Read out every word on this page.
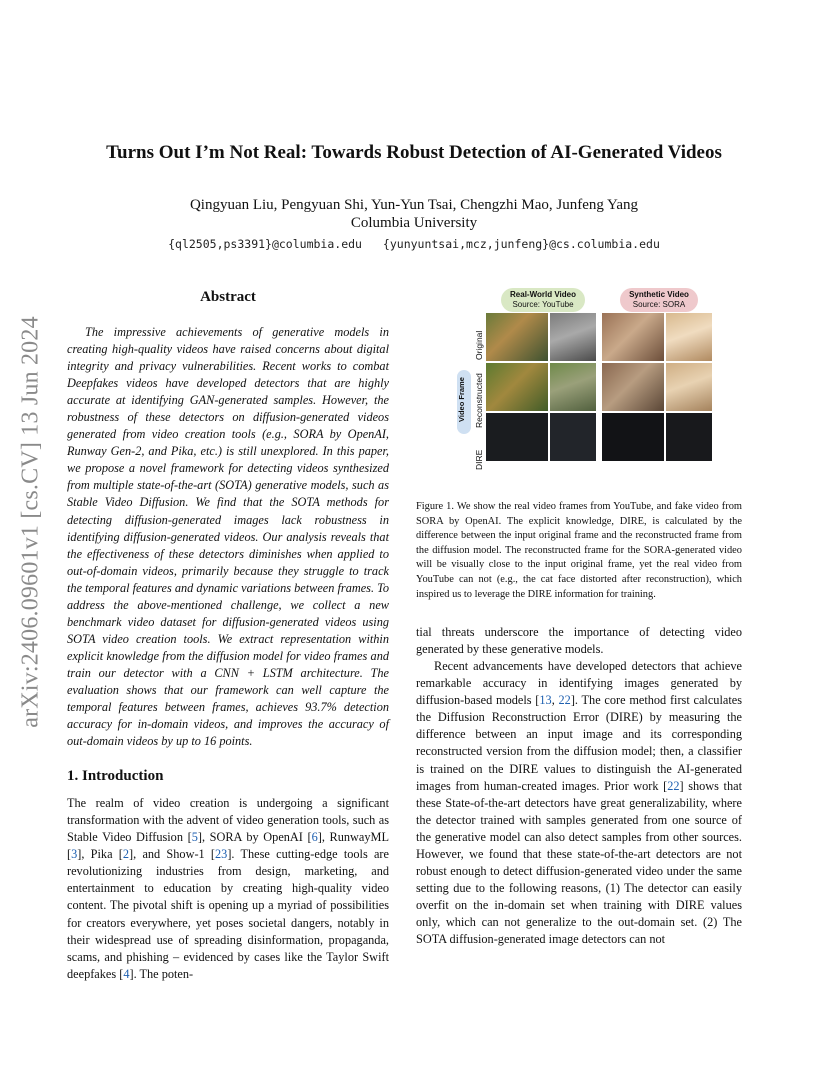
arXiv:2406.09601v1 [cs.CV] 13 Jun 2024
Turns Out I’m Not Real: Towards Robust Detection of AI-Generated Videos
Qingyuan Liu, Pengyuan Shi, Yun-Yun Tsai, Chengzhi Mao, Junfeng Yang
Columbia University
{ql2505,ps3391}@columbia.edu {yunyuntsai,mcz,junfeng}@cs.columbia.edu
Abstract

The impressive achievements of generative models in creating high-quality videos have raised concerns about digital integrity and privacy vulnerabilities. Recent works to combat Deepfakes videos have developed detectors that are highly accurate at identifying GAN-generated samples. However, the robustness of these detectors on diffusion-generated videos generated from video creation tools (e.g., SORA by OpenAI, Runway Gen-2, and Pika, etc.) is still unexplored. In this paper, we propose a novel framework for detecting videos synthesized from multiple state-of-the-art (SOTA) generative models, such as Stable Video Diffusion. We find that the SOTA methods for detecting diffusion-generated images lack robustness in identifying diffusion-generated videos. Our analysis reveals that the effectiveness of these detectors diminishes when applied to out-of-domain videos, primarily because they struggle to track the temporal features and dynamic variations between frames. To address the above-mentioned challenge, we collect a new benchmark video dataset for diffusion-generated videos using SOTA video creation tools. We extract representation within explicit knowledge from the diffusion model for video frames and train our detector with a CNN + LSTM architecture. The evaluation shows that our framework can well capture the temporal features between frames, achieves 93.7% detection accuracy for in-domain videos, and improves the accuracy of out-domain videos by up to 16 points.

1. Introduction

The realm of video creation is undergoing a significant transformation with the advent of video generation tools, such as Stable Video Diffusion [5], SORA by OpenAI [6], RunwayML [3], Pika [2], and Show-1 [23]. These cutting-edge tools are revolutionizing industries from design, marketing, and entertainment to education by creating high-quality video content. The pivotal shift is opening up a myriad of possibilities for creators everywhere, yet poses societal dangers, notably in their widespread use of spreading disinformation, propaganda, scams, and phishing – evidenced by cases like the Taylor Swift deepfakes [4]. The poten-

Real-World Video
Source: YouTube
Synthetic Video
Source: SORA
Video Frame
Original
Reconstructed
DIRE

Figure 1. We show the real video frames from YouTube, and fake video from SORA by OpenAI. The explicit knowledge, DIRE, is calculated by the difference between the input original frame and the reconstructed frame from the diffusion model. The reconstructed frame for the SORA-generated video will be visually close to the input original frame, yet the real video from YouTube can not (e.g., the cat face distorted after reconstruction), which inspired us to leverage the DIRE information for training.

tial threats underscore the importance of detecting video generated by these generative models.

Recent advancements have developed detectors that achieve remarkable accuracy in identifying images generated by diffusion-based models [13, 22]. The core method first calculates the Diffusion Reconstruction Error (DIRE) by measuring the difference between an input image and its corresponding reconstructed version from the diffusion model; then, a classifier is trained on the DIRE values to distinguish the AI-generated images from human-created images. Prior work [22] shows that these State-of-the-art detectors have great generalizability, where the detector trained with samples generated from one source of the generative model can also detect samples from other sources. However, we found that these state-of-the-art detectors are not robust enough to detect diffusion-generated video under the same setting due to the following reasons, (1) The detector can easily overfit on the in-domain set when training with DIRE values only, which can not generalize to the out-domain set. (2) The SOTA diffusion-generated image detectors can not
